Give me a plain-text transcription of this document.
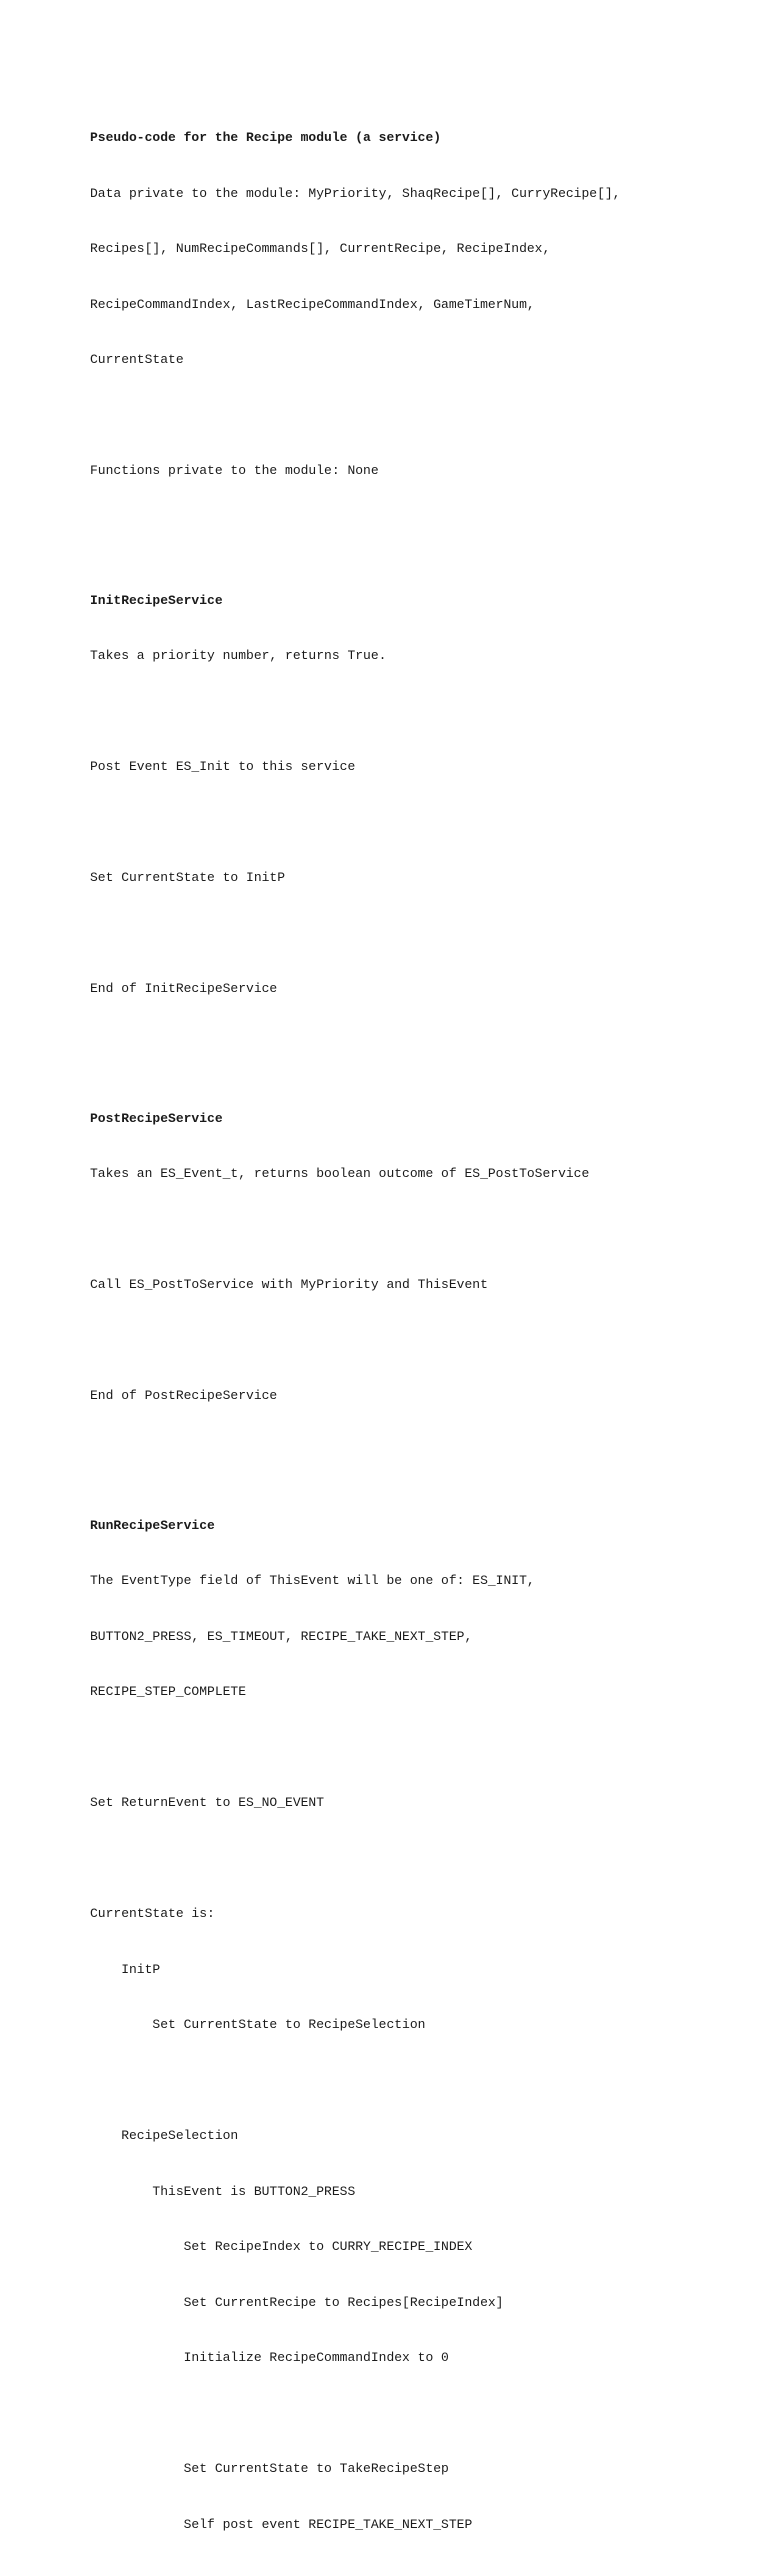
Pseudo-code for the Recipe module (a service)

Data private to the module: MyPriority, ShaqRecipe[], CurryRecipe[],

Recipes[], NumRecipeCommands[], CurrentRecipe, RecipeIndex,

RecipeCommandIndex, LastRecipeCommandIndex, GameTimerNum,

CurrentState

Functions private to the module: None

InitRecipeService

Takes a priority number, returns True.

Post Event ES_Init to this service

Set CurrentState to InitP

End of InitRecipeService

PostRecipeService

Takes an ES_Event_t, returns boolean outcome of ES_PostToService

Call ES_PostToService with MyPriority and ThisEvent

End of PostRecipeService

RunRecipeService

The EventType field of ThisEvent will be one of: ES_INIT,

BUTTON2_PRESS, ES_TIMEOUT, RECIPE_TAKE_NEXT_STEP,

RECIPE_STEP_COMPLETE

Set ReturnEvent to ES_NO_EVENT

CurrentState is:

InitP

Set CurrentState to RecipeSelection

RecipeSelection

ThisEvent is BUTTON2_PRESS

Set RecipeIndex to CURRY_RECIPE_INDEX

Set CurrentRecipe to Recipes[RecipeIndex]

Initialize RecipeCommandIndex to 0

Set CurrentState to TakeRecipeStep

Self post event RECIPE_TAKE_NEXT_STEP
